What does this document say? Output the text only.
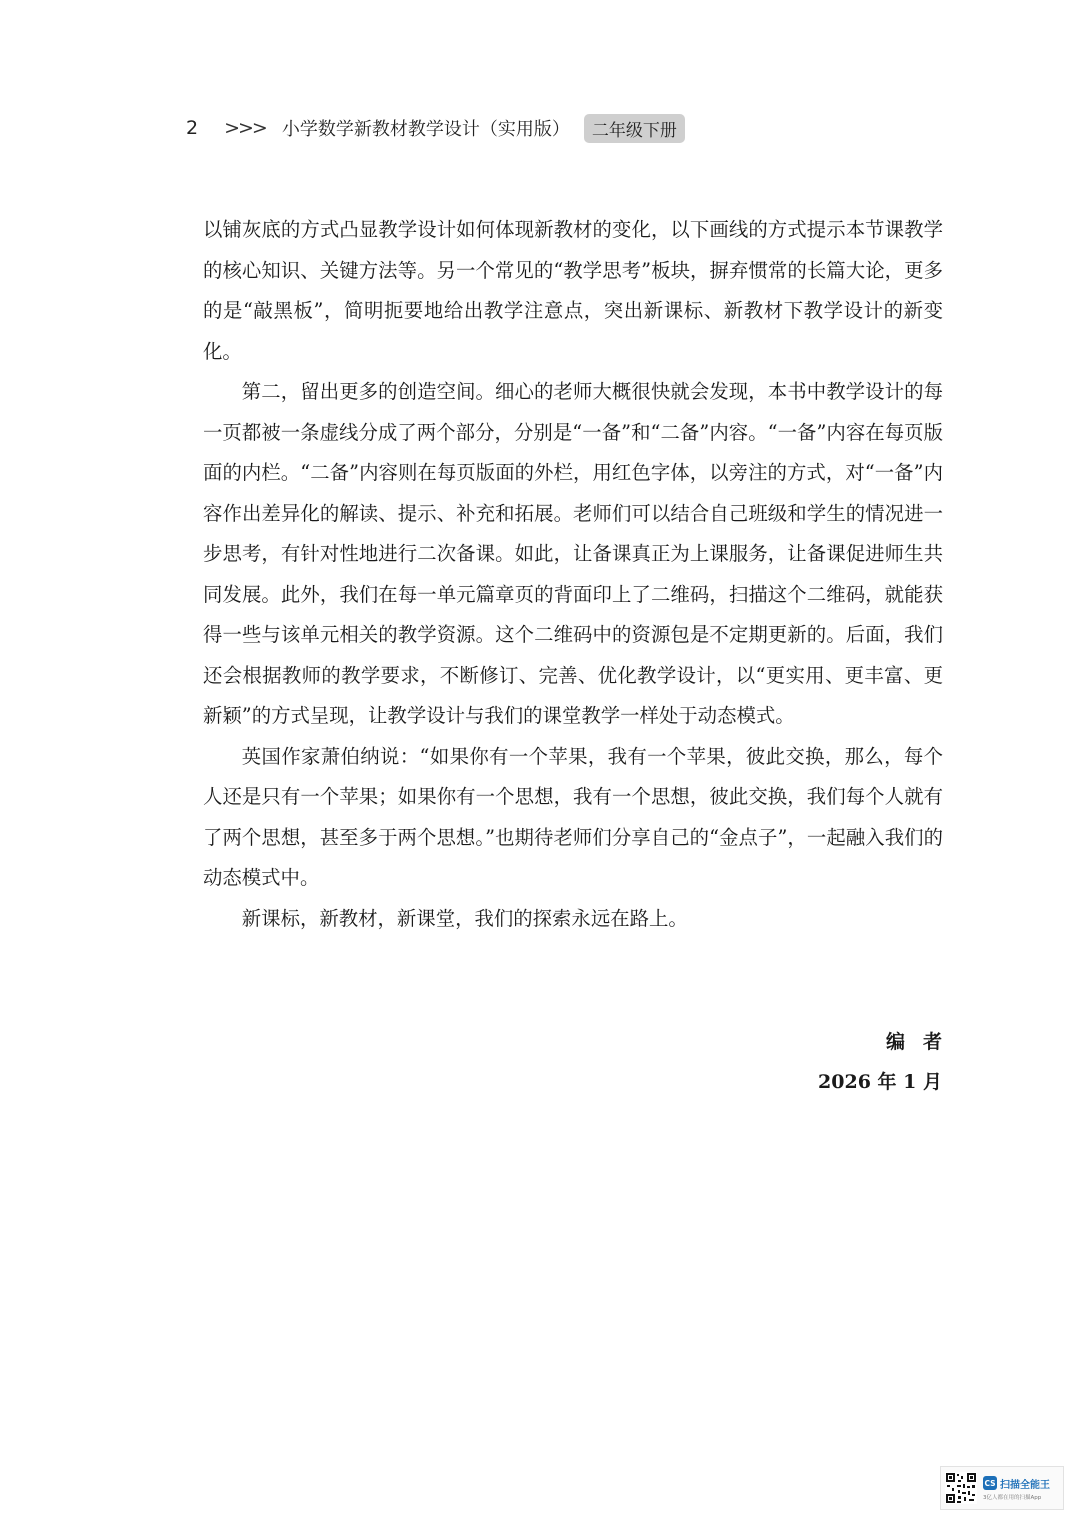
2 >>> 小学数学新教材教学设计（实用版）	二年级下册

以铺灰底的方式凸显教学设计如何体现新教材的变化，以下画线的方式提示本节课教学的核心知识、关键方法等。另一个常见的“教学思考”板块，摒弃惯常的长篇大论，更多的是“敲黑板”，简明扼要地给出教学注意点，突出新课标、新教材下教学设计的新变化。

第二，留出更多的创造空间。细心的老师大概很快就会发现，本书中教学设计的每一页都被一条虚线分成了两个部分，分别是“一备”和“二备”内容。“一备”内容在每页版面的内栏。“二备”内容则在每页版面的外栏，用红色字体，以旁注的方式，对“一备”内容作出差异化的解读、提示、补充和拓展。老师们可以结合自己班级和学生的情况进一步思考，有针对性地进行二次备课。如此，让备课真正为上课服务，让备课促进师生共同发展。此外，我们在每一单元篇章页的背面印上了二维码，扫描这个二维码，就能获得一些与该单元相关的教学资源。这个二维码中的资源包是不定期更新的。后面，我们还会根据教师的教学要求，不断修订、完善、优化教学设计，以“更实用、更丰富、更新颖”的方式呈现，让教学设计与我们的课堂教学一样处于动态模式。

英国作家萧伯纳说：“如果你有一个苹果，我有一个苹果，彼此交换，那么，每个人还是只有一个苹果；如果你有一个思想，我有一个思想，彼此交换，我们每个人就有了两个思想，甚至多于两个思想。”也期待老师们分享自己的“金点子”，一起融入我们的动态模式中。

新课标，新教材，新课堂，我们的探索永远在路上。

编者
2026 年 1 月
CS 扫描全能王
3亿人都在用的扫描App
